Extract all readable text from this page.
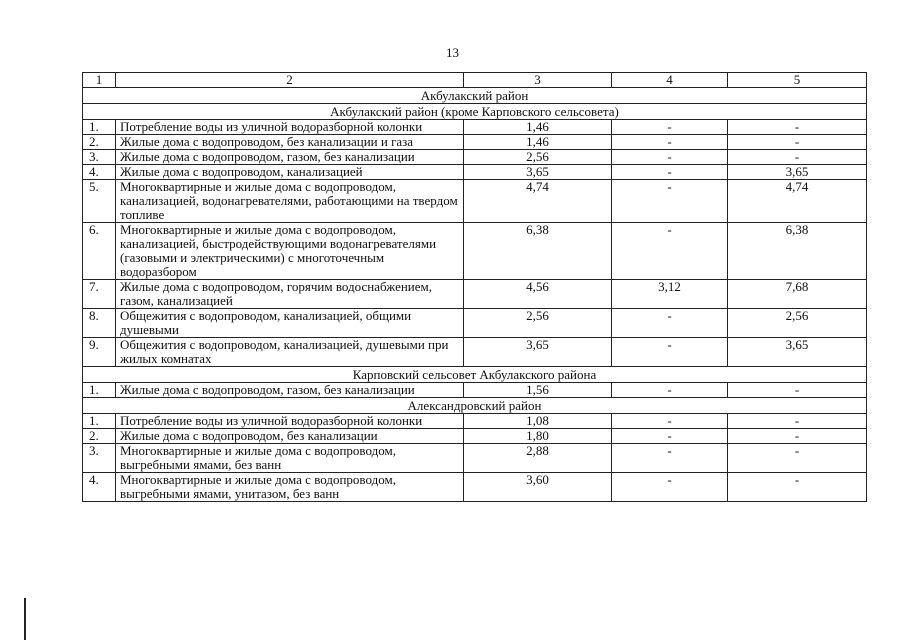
13
1	2	3	4	5
Акбулакский район				
Акбулакский район (кроме Карповского сельсовета)				
1.	Потребление воды из уличной водоразборной колонки	1,46	-	-
2.	Жилые дома с водопроводом, без канализации и газа	1,46	-	-
3.	Жилые дома с водопроводом, газом, без канализации	2,56	-	-
4.	Жилые дома с водопроводом, канализацией	3,65	-	3,65
5.	Многоквартирные и жилые дома с водопроводом, канализацией, водонагревателями, работающими на твердом топливе	4,74	-	4,74
6.	Многоквартирные и жилые дома с водопроводом, канализацией, быстродействующими водонагревателями (газовыми и электрическими) с многоточечным водоразбором	6,38	-	6,38
7.	Жилые дома с водопроводом, горячим водоснабжением, газом, канализацией	4,56	3,12	7,68
8.	Общежития с водопроводом, канализацией, общими душевыми	2,56	-	2,56
9.	Общежития с водопроводом, канализацией, душевыми при жилых комнатах	3,65	-	3,65
Карповский сельсовет Акбулакского района				
1.	Жилые дома с водопроводом, газом, без канализации	1,56	-	-
Александровский район				
1.	Потребление воды из уличной водоразборной колонки	1,08	-	-
2.	Жилые дома с водопроводом, без канализации	1,80	-	-
3.	Многоквартирные и жилые дома с водопроводом, выгребными ямами, без ванн	2,88	-	-
4.	Многоквартирные и жилые дома с водопроводом, выгребными ямами, унитазом, без ванн	3,60	-	-
